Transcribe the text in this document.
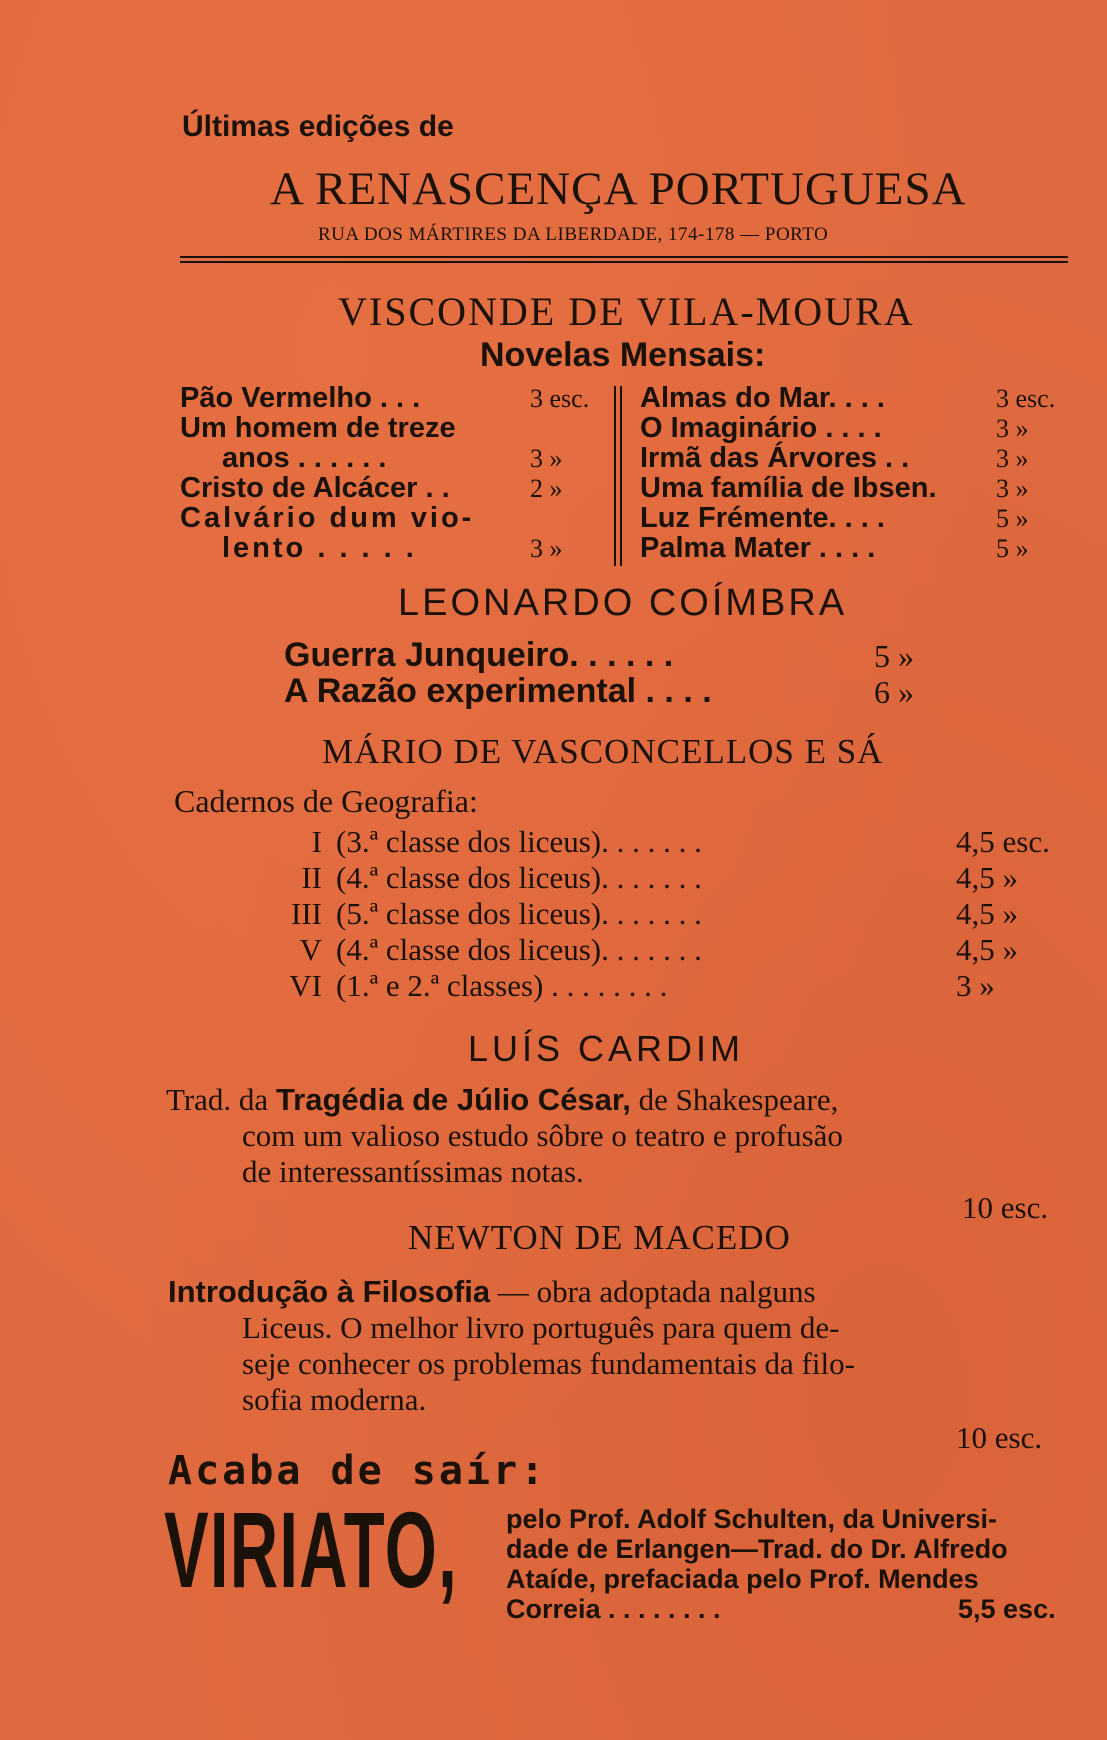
Últimas edições de
A RENASCENÇA PORTUGUESA
RUA DOS MÁRTIRES DA LIBERDADE, 174-178 — PORTO
VISCONDE DE VILA-MOURA
Novelas Mensais:
Pão Vermelho . . .	3 esc.
Um homem de treze
anos . . . . . .	3 »
Cristo de Alcácer . .	2 »
Calvário dum vio-
lento . . . . .	3 »
Almas do Mar. . . .	3 esc.
O Imaginário . . . .	3 »
Irmã das Árvores . .	3 »
Uma família de Ibsen. 3 »
Luz Frémente. . . .	5 »
Palma Mater . . . .	5 »
LEONARDO COÍMBRA
Guerra Junqueiro. . . . . .	5 »
A Razão experimental . . . .	6 »
MÁRIO DE VASCONCELLOS E SÁ
Cadernos de Geografia:
I (3.ª classe dos liceus). . . . . . .	4,5 esc.
II (4.ª classe dos liceus). . . . . . .	4,5 »
III (5.ª classe dos liceus). . . . . . .	4,5 »
V (4.ª classe dos liceus). . . . . . .	4,5 »
VI (1.ª e 2.ª classes) . . . . . . . .	3 »
LUÍS CARDIM
Trad. da Tragédia de Júlio César, de Shakespeare,
com um valioso estudo sôbre o teatro e profusão
de interessantíssimas notas.
10 esc.
NEWTON DE MACEDO
Introdução à Filosofia — obra adoptada nalguns
Liceus. O melhor livro português para quem de-
seje conhecer os problemas fundamentais da filo-
sofia moderna.
10 esc.
Acaba de saír:
VIRIATO, pelo Prof. Adolf Schulten, da Universi-
dade de Erlangen—Trad. do Dr. Alfredo
Ataíde, prefaciada pelo Prof. Mendes
Correia . . . . . . . .	5,5 esc.
